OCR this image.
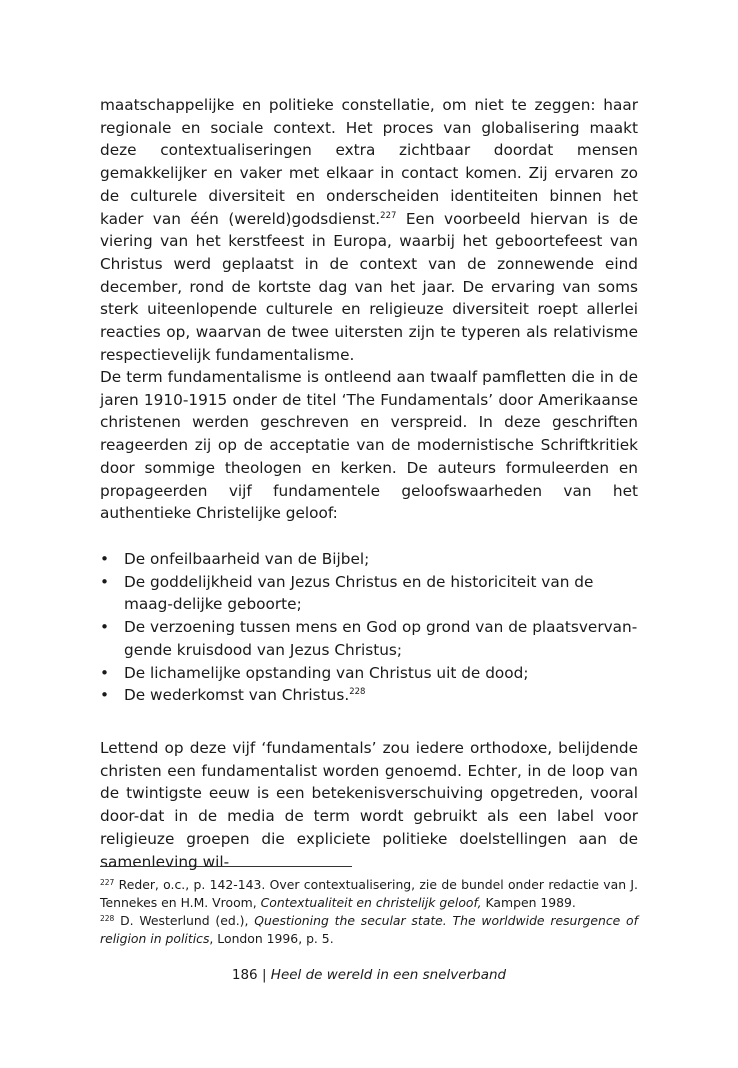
maatschappelijke en politieke constellatie, om niet te zeggen: haar regionale en sociale context. Het proces van globalisering maakt deze contextualiseringen extra zichtbaar doordat mensen gemakkelijker en vaker met elkaar in contact komen. Zij ervaren zo de culturele diversiteit en onderscheiden identiteiten binnen het kader van één (wereld)godsdienst.$^{227}$ Een voorbeeld hiervan is de viering van het kerstfeest in Europa, waarbij het geboortefeest van Christus werd geplaatst in de context van de zonnewende eind december, rond de kortste dag van het jaar. De ervaring van soms sterk uiteenlopende culturele en religieuze diversiteit roept allerlei reacties op, waarvan de twee uitersten zijn te typeren als relativisme respectievelijk fundamentalisme.

De term fundamentalisme is ontleend aan twaalf pamfletten die in de jaren 1910-1915 onder de titel ‘The Fundamentals’ door Amerikaanse christenen werden geschreven en verspreid. In deze geschriften reageerden zij op de acceptatie van de modernistische Schriftkritiek door sommige theologen en kerken. De auteurs formuleerden en propageerden vijf fundamentele geloofswaarheden van het authentieke Christelijke geloof:

• De onfeilbaarheid van de Bijbel;
• De goddelijkheid van Jezus Christus en de historiciteit van de maag-delijke geboorte;
• De verzoening tussen mens en God op grond van de plaatsvervan-gende kruisdood van Jezus Christus;
• De lichamelijke opstanding van Christus uit de dood;
• De wederkomst van Christus.$^{228}$

Lettend op deze vijf ‘fundamentals’ zou iedere orthodoxe, belijdende christen een fundamentalist worden genoemd. Echter, in de loop van de twintigste eeuw is een betekenisverschuiving opgetreden, vooral door-dat in de media de term wordt gebruikt als een label voor religieuze groepen die expliciete politieke doelstellingen aan de samenleving wil-

$^{227}$ Reder, o.c., p. 142-143. Over contextualisering, zie de bundel onder redactie van J. Tennekes en H.M. Vroom, Contextualiteit en christelijk geloof, Kampen 1989.

$^{228}$ D. Westerlund (ed.), Questioning the secular state. The worldwide resurgence of religion in politics, London 1996, p. 5.

186 | Heel de wereld in een snelverband
